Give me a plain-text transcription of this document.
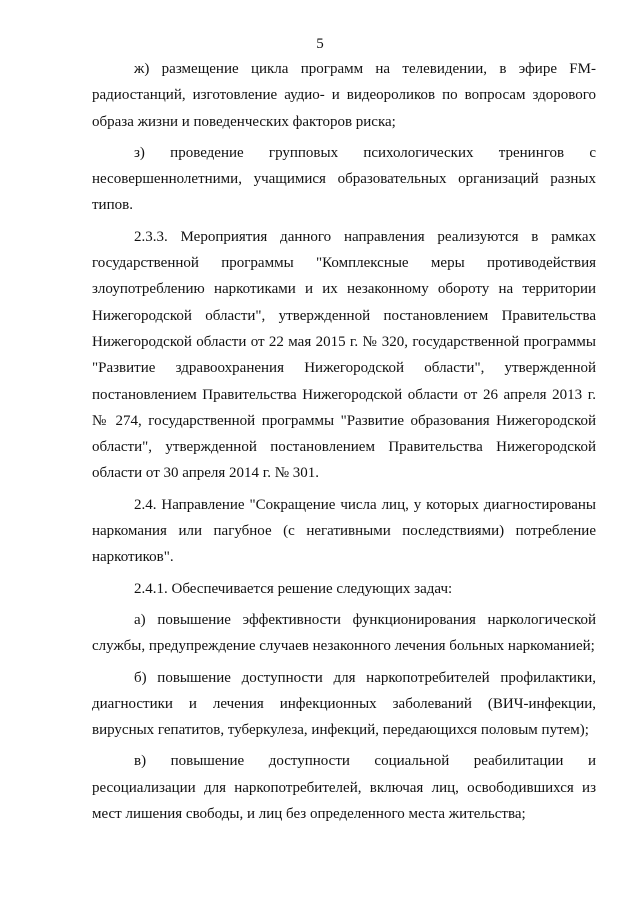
5

ж) размещение цикла программ на телевидении, в эфире FM-радиостанций, изготовление аудио- и видеороликов по вопросам здорового образа жизни и поведенческих факторов риска;

з) проведение групповых психологических тренингов с несовершеннолетними, учащимися образовательных организаций разных типов.

2.3.3. Мероприятия данного направления реализуются в рамках государственной программы "Комплексные меры противодействия злоупотреблению наркотиками и их незаконному обороту на территории Нижегородской области", утвержденной постановлением Правительства Нижегородской области от 22 мая 2015 г. № 320, государственной программы "Развитие здравоохранения Нижегородской области", утвержденной постановлением Правительства Нижегородской области от 26 апреля 2013 г. № 274, государственной программы "Развитие образования Нижегородской области", утвержденной постановлением Правительства Нижегородской области от 30 апреля 2014 г. № 301.

2.4. Направление "Сокращение числа лиц, у которых диагностированы наркомания или пагубное (с негативными последствиями) потребление наркотиков".

2.4.1. Обеспечивается решение следующих задач:

а) повышение эффективности функционирования наркологической службы, предупреждение случаев незаконного лечения больных наркоманией;

б) повышение доступности для наркопотребителей профилактики, диагностики и лечения инфекционных заболеваний (ВИЧ-инфекции, вирусных гепатитов, туберкулеза, инфекций, передающихся половым путем);

в) повышение доступности социальной реабилитации и ресоциализации для наркопотребителей, включая лиц, освободившихся из мест лишения свободы, и лиц без определенного места жительства;
